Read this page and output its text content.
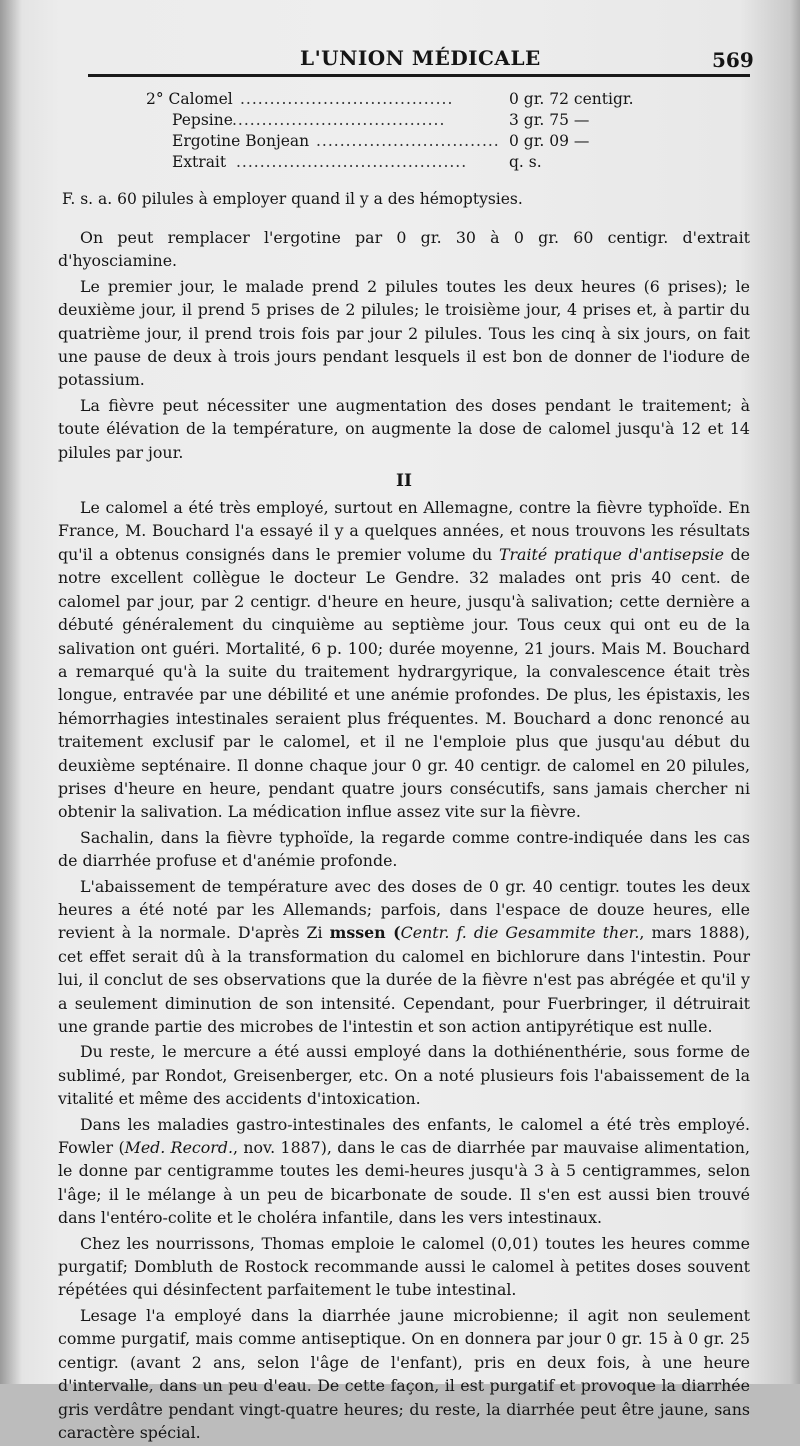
L'UNION MÉDICALE	569
2° Calomel ....................................	0 gr. 72 centigr.
Pepsine ....................................	3 gr. 75 —
Ergotine Bonjean ............................... 0 gr. 09 —
Extrait .......................................	q. s.
F. s. a. 60 pilules à employer quand il y a des hémoptysies.

On peut remplacer l'ergotine par 0 gr. 30 à 0 gr. 60 centigr. d'extrait d'hyosciamine.

Le premier jour, le malade prend 2 pilules toutes les deux heures (6 prises); le deuxième jour, il prend 5 prises de 2 pilules; le troisième jour, 4 prises et, à partir du quatrième jour, il prend trois fois par jour 2 pilules. Tous les cinq à six jours, on fait une pause de deux à trois jours pendant lesquels il est bon de donner de l'iodure de potassium.

La fièvre peut nécessiter une augmentation des doses pendant le traitement; à toute élévation de la température, on augmente la dose de calomel jusqu'à 12 et 14 pilules par jour.

II

Le calomel a été très employé, surtout en Allemagne, contre la fièvre typhoïde. En France, M. Bouchard l'a essayé il y a quelques années, et nous trouvons les résultats qu'il a obtenus consignés dans le premier volume du Traité pratique d'antisepsie de notre excellent collègue le docteur Le Gendre. 32 malades ont pris 40 cent. de calomel par jour, par 2 centigr. d'heure en heure, jusqu'à salivation; cette dernière a débuté généralement du cinquième au septième jour. Tous ceux qui ont eu de la salivation ont guéri. Mortalité, 6 p. 100; durée moyenne, 21 jours. Mais M. Bouchard a remarqué qu'à la suite du traitement hydrargyrique, la convalescence était très longue, entravée par une débilité et une anémie profondes. De plus, les épistaxis, les hémorrhagies intestinales seraient plus fréquentes. M. Bouchard a donc renoncé au traitement exclusif par le calomel, et il ne l'emploie plus que jusqu'au début du deuxième septénaire. Il donne chaque jour 0 gr. 40 centigr. de calomel en 20 pilules, prises d'heure en heure, pendant quatre jours consécutifs, sans jamais chercher ni obtenir la salivation. La médication influe assez vite sur la fièvre.

Sachalin, dans la fièvre typhoïde, la regarde comme contre-indiquée dans les cas de diarrhée profuse et d'anémie profonde.

L'abaissement de température avec des doses de 0 gr. 40 centigr. toutes les deux heures a été noté par les Allemands; parfois, dans l'espace de douze heures, elle revient à la normale. D'après Zi mssen (Centr. f. die Gesammite ther., mars 1888), cet effet serait dû à la transformation du calomel en bichlorure dans l'intestin. Pour lui, il conclut de ses observations que la durée de la fièvre n'est pas abrégée et qu'il y a seulement diminution de son intensité. Cependant, pour Fuerbringer, il détruirait une grande partie des microbes de l'intestin et son action antipyrétique est nulle.

Du reste, le mercure a été aussi employé dans la dothiénenthérie, sous forme de sublimé, par Rondot, Greisenberger, etc. On a noté plusieurs fois l'abaissement de la vitalité et même des accidents d'intoxication.

Dans les maladies gastro-intestinales des enfants, le calomel a été très employé. Fowler (Med. Record., nov. 1887), dans le cas de diarrhée par mauvaise alimentation, le donne par centigramme toutes les demi-heures jusqu'à 3 à 5 centigrammes, selon l'âge; il le mélange à un peu de bicarbonate de soude. Il s'en est aussi bien trouvé dans l'entéro-colite et le choléra infantile, dans les vers intestinaux.

Chez les nourrissons, Thomas emploie le calomel (0,01) toutes les heures comme purgatif; Dombluth de Rostock recommande aussi le calomel à petites doses souvent répétées qui désinfectent parfaitement le tube intestinal.

Lesage l'a employé dans la diarrhée jaune microbienne; il agit non seulement comme purgatif, mais comme antiseptique. On en donnera par jour 0 gr. 15 à 0 gr. 25 centigr. (avant 2 ans, selon l'âge de l'enfant), pris en deux fois, à une heure d'intervalle, dans un peu d'eau. De cette façon, il est purgatif et provoque la diarrhée gris verdâtre pendant vingt-quatre heures; du reste, la diarrhée peut être jaune, sans caractère spécial.
